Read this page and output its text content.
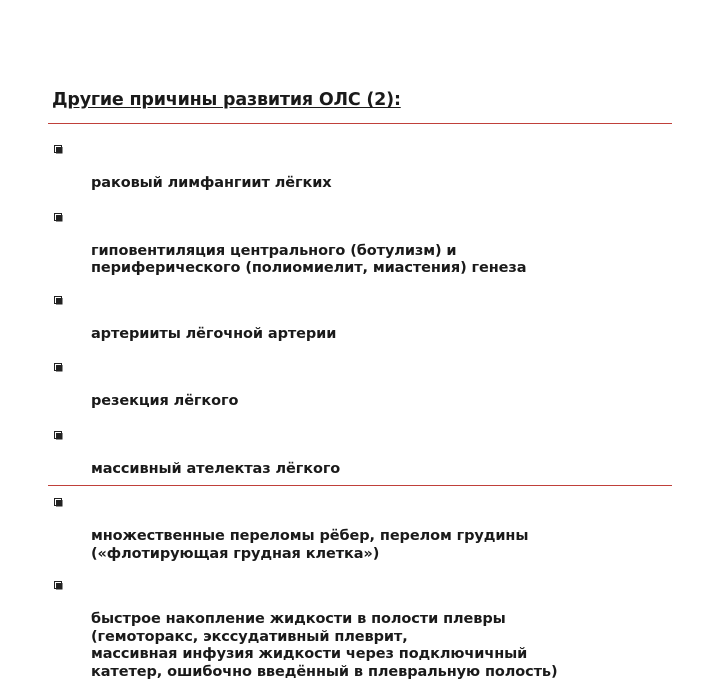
Другие причины развития ОЛС (2):

раковый лимфангиит лёгких

гиповентиляция центрального (ботулизм) и
периферического (полиомиелит, миастения) генеза

артерииты лёгочной артерии

резекция лёгкого

массивный ателектаз лёгкого

множественные переломы рёбер, перелом грудины
(«флотирующая грудная клетка»)

быстрое накопление жидкости в полости плевры
(гемоторакс, экссудативный плеврит,
массивная инфузия жидкости через подключичный
катетер, ошибочно введённый в плевральную полость)
